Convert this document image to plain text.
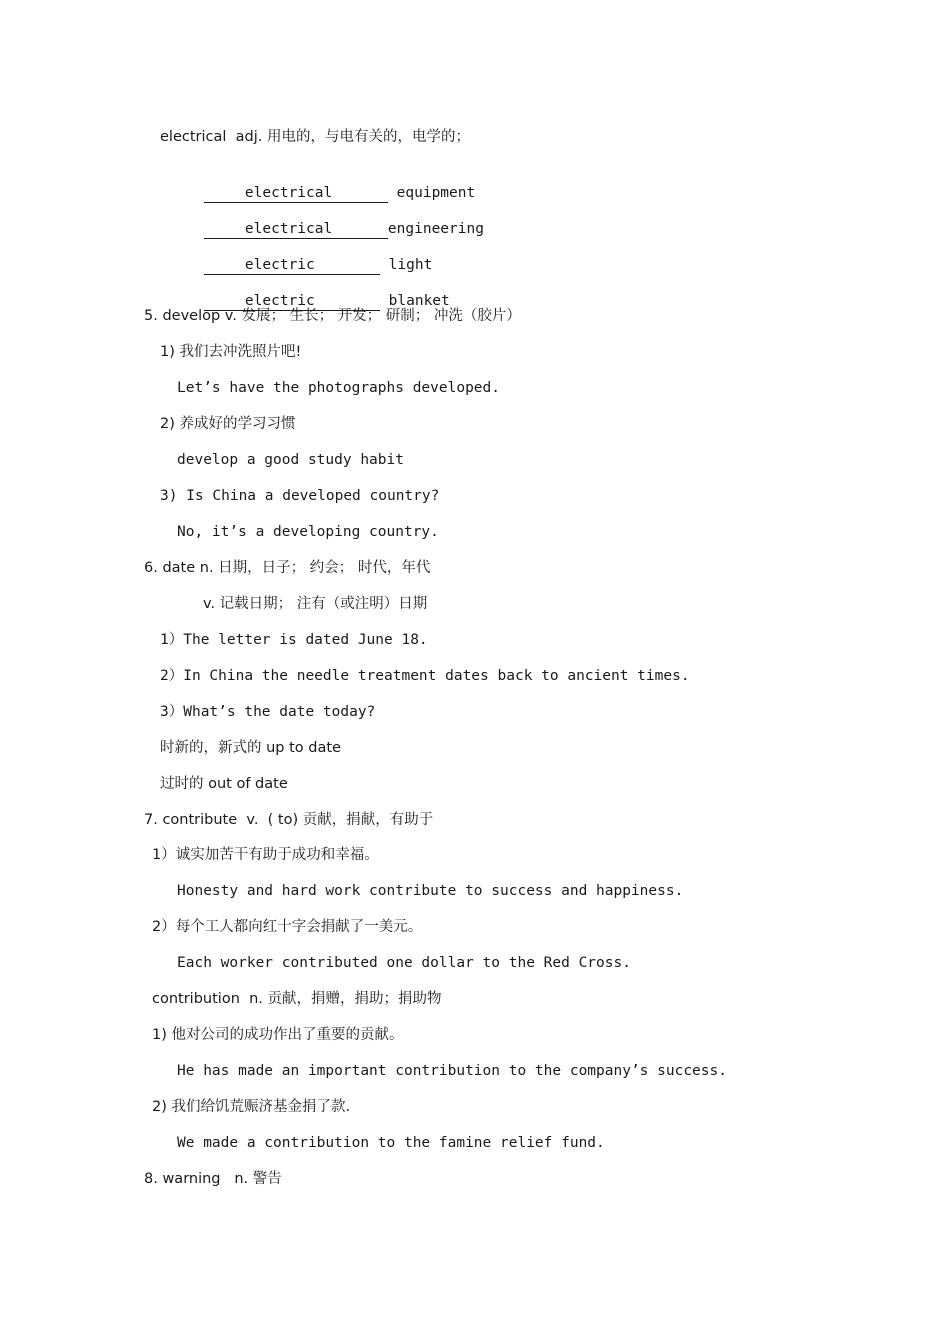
electrical  adj. 用电的，与电有关的，电学的；

electrical	equipment

electrical	engineering

electric	light

electric	blanket

5. develop v. 发展； 生长； 开发； 研制； 冲洗（胶片）
1) 我们去冲洗照片吧!
Let’s have the photographs developed.
2) 养成好的学习习惯
develop a good study habit
3) Is China a developed country?
No, it’s a developing country.
6. date n. 日期，日子； 约会； 时代，年代
v. 记载日期； 注有（或注明）日期
1）The letter is dated June 18.
2）In China the needle treatment dates back to ancient times.
3）What’s the date today?
时新的，新式的 up to date
过时的 out of date
7. contribute  v.  ( to) 贡献，捐献，有助于
1）诚实加苦干有助于成功和幸福。
Honesty and hard work contribute to success and happiness.
2）每个工人都向红十字会捐献了一美元。
Each worker contributed one dollar to the Red Cross.
contribution  n. 贡献，捐赠，捐助；捐助物
1) 他对公司的成功作出了重要的贡献。
He has made an important contribution to the company’s success.
2) 我们给饥荒赈济基金捐了款.
We made a contribution to the famine relief fund.
8. warning   n. 警告
